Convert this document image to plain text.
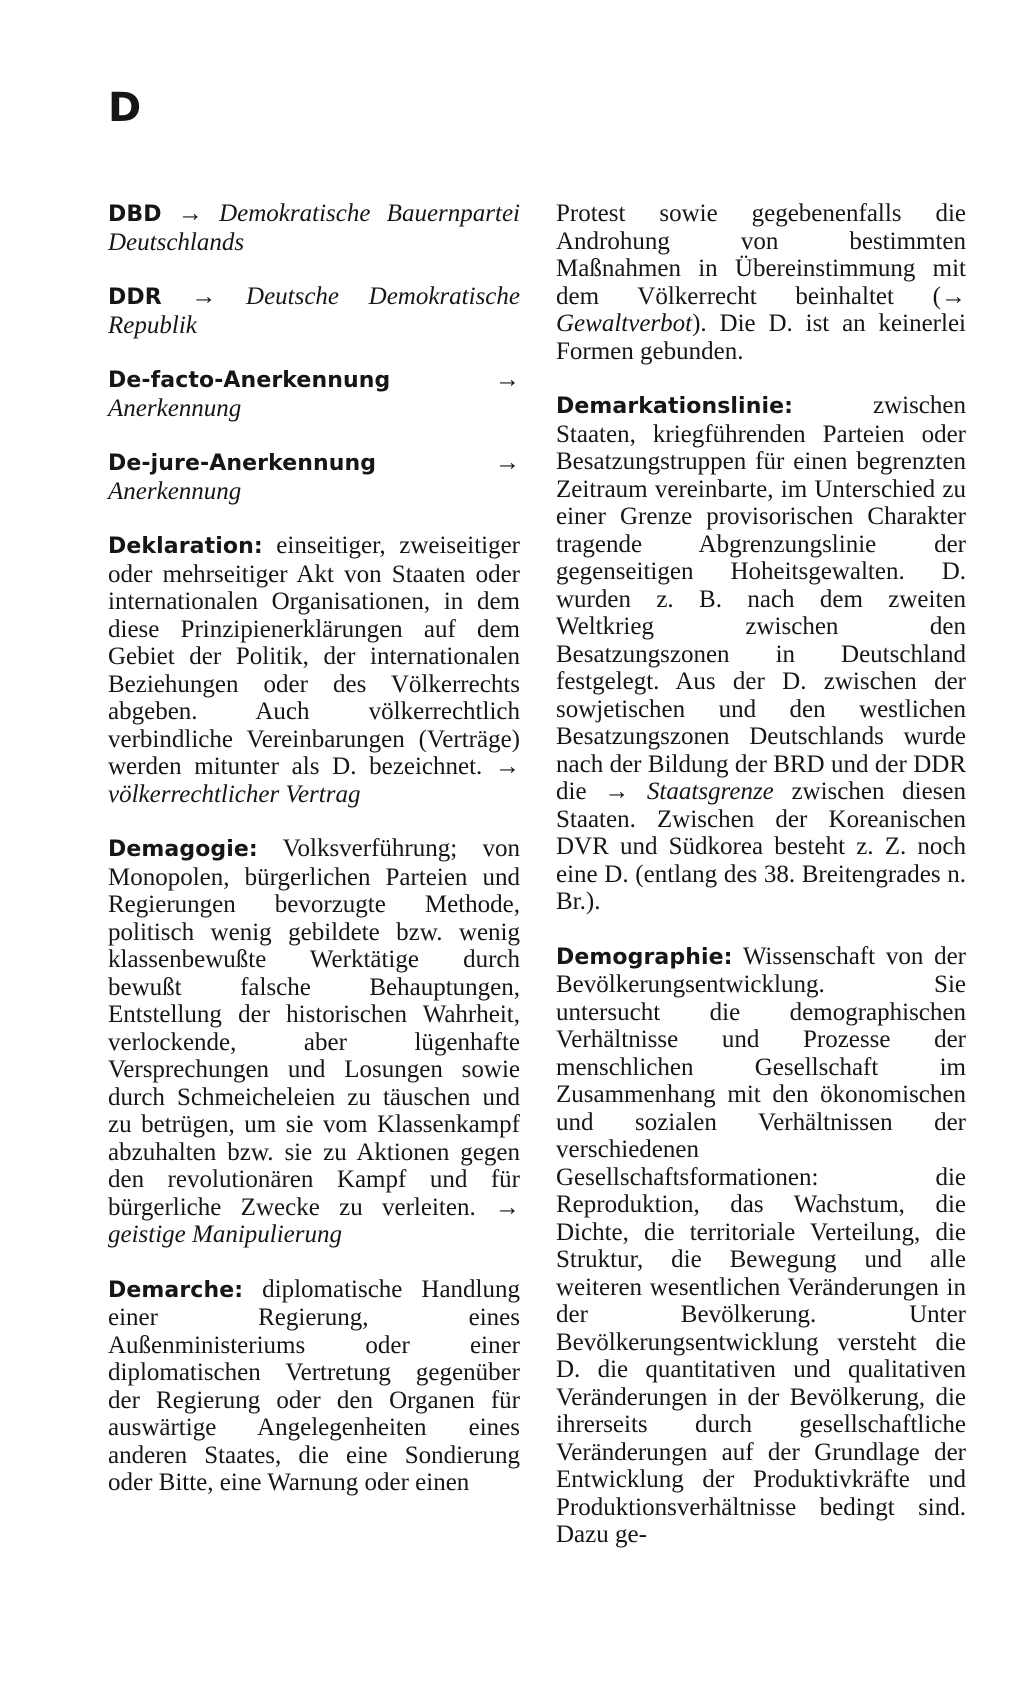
D

DBD → Demokratische Bauernpartei Deutschlands

DDR → Deutsche Demokratische Republik

De-facto-Anerkennung	→ Anerkennung

De-jure-Anerkennung	→ Anerkennung

Deklaration: einseitiger, zweiseitiger oder mehrseitiger Akt von Staaten oder internationalen Organisationen, in dem diese Prinzipienerklärungen auf dem Gebiet der Politik, der internationalen Beziehungen oder des Völkerrechts abgeben. Auch völkerrechtlich verbindliche Vereinbarungen (Verträge) werden mitunter als D. bezeichnet. → völkerrechtlicher Vertrag

Demagogie: Volksverführung; von Monopolen, bürgerlichen Parteien und Regierungen bevorzugte Methode, politisch wenig gebildete bzw. wenig klassenbewußte Werktätige durch bewußt falsche Behauptungen, Entstellung der historischen Wahrheit, verlockende, aber lügenhafte Versprechungen und Losungen sowie durch Schmeicheleien zu täuschen und zu betrügen, um sie vom Klassenkampf abzuhalten bzw. sie zu Aktionen gegen den revolutionären Kampf und für bürgerliche Zwecke zu verleiten. → geistige Manipulierung

Demarche: diplomatische Handlung einer Regierung, eines Außenministeriums oder einer diplomatischen Vertretung gegenüber der Regierung oder den Organen für auswärtige Angelegenheiten eines anderen Staates, die eine Sondierung oder Bitte, eine Warnung oder einen

Protest sowie gegebenenfalls die Androhung von bestimmten Maßnahmen in Übereinstimmung mit dem Völkerrecht beinhaltet (→ Gewaltverbot). Die D. ist an keinerlei Formen gebunden.

Demarkationslinie:	zwischen Staaten, kriegführenden Parteien oder Besatzungstruppen für einen begrenzten Zeitraum vereinbarte, im Unterschied zu einer Grenze provisorischen Charakter tragende Abgrenzungslinie der gegenseitigen Hoheitsgewalten. D. wurden z. B. nach dem zweiten Weltkrieg zwischen den Besatzungszonen in Deutschland festgelegt. Aus der D. zwischen der sowjetischen und den westlichen Besatzungszonen Deutschlands wurde nach der Bildung der BRD und der DDR die → Staatsgrenze zwischen diesen Staaten. Zwischen der Koreanischen DVR und Südkorea besteht z. Z. noch eine D. (entlang des 38. Breitengrades n. Br.).

Demographie: Wissenschaft von der Bevölkerungsentwicklung. Sie untersucht die demographischen Verhältnisse und Prozesse der menschlichen Gesellschaft im Zusammenhang mit den ökonomischen und sozialen Verhältnissen der verschiedenen Gesellschaftsformationen: die Reproduktion, das Wachstum, die Dichte, die territoriale Verteilung, die Struktur, die Bewegung und alle weiteren wesentlichen Veränderungen in der Bevölkerung. Unter Bevölkerungsentwicklung versteht die D. die quantitativen und qualitativen Veränderungen in der Bevölkerung, die ihrerseits durch gesellschaftliche Veränderungen auf der Grundlage der Entwicklung der Produktivkräfte und Produktionsverhältnisse bedingt sind. Dazu ge-
